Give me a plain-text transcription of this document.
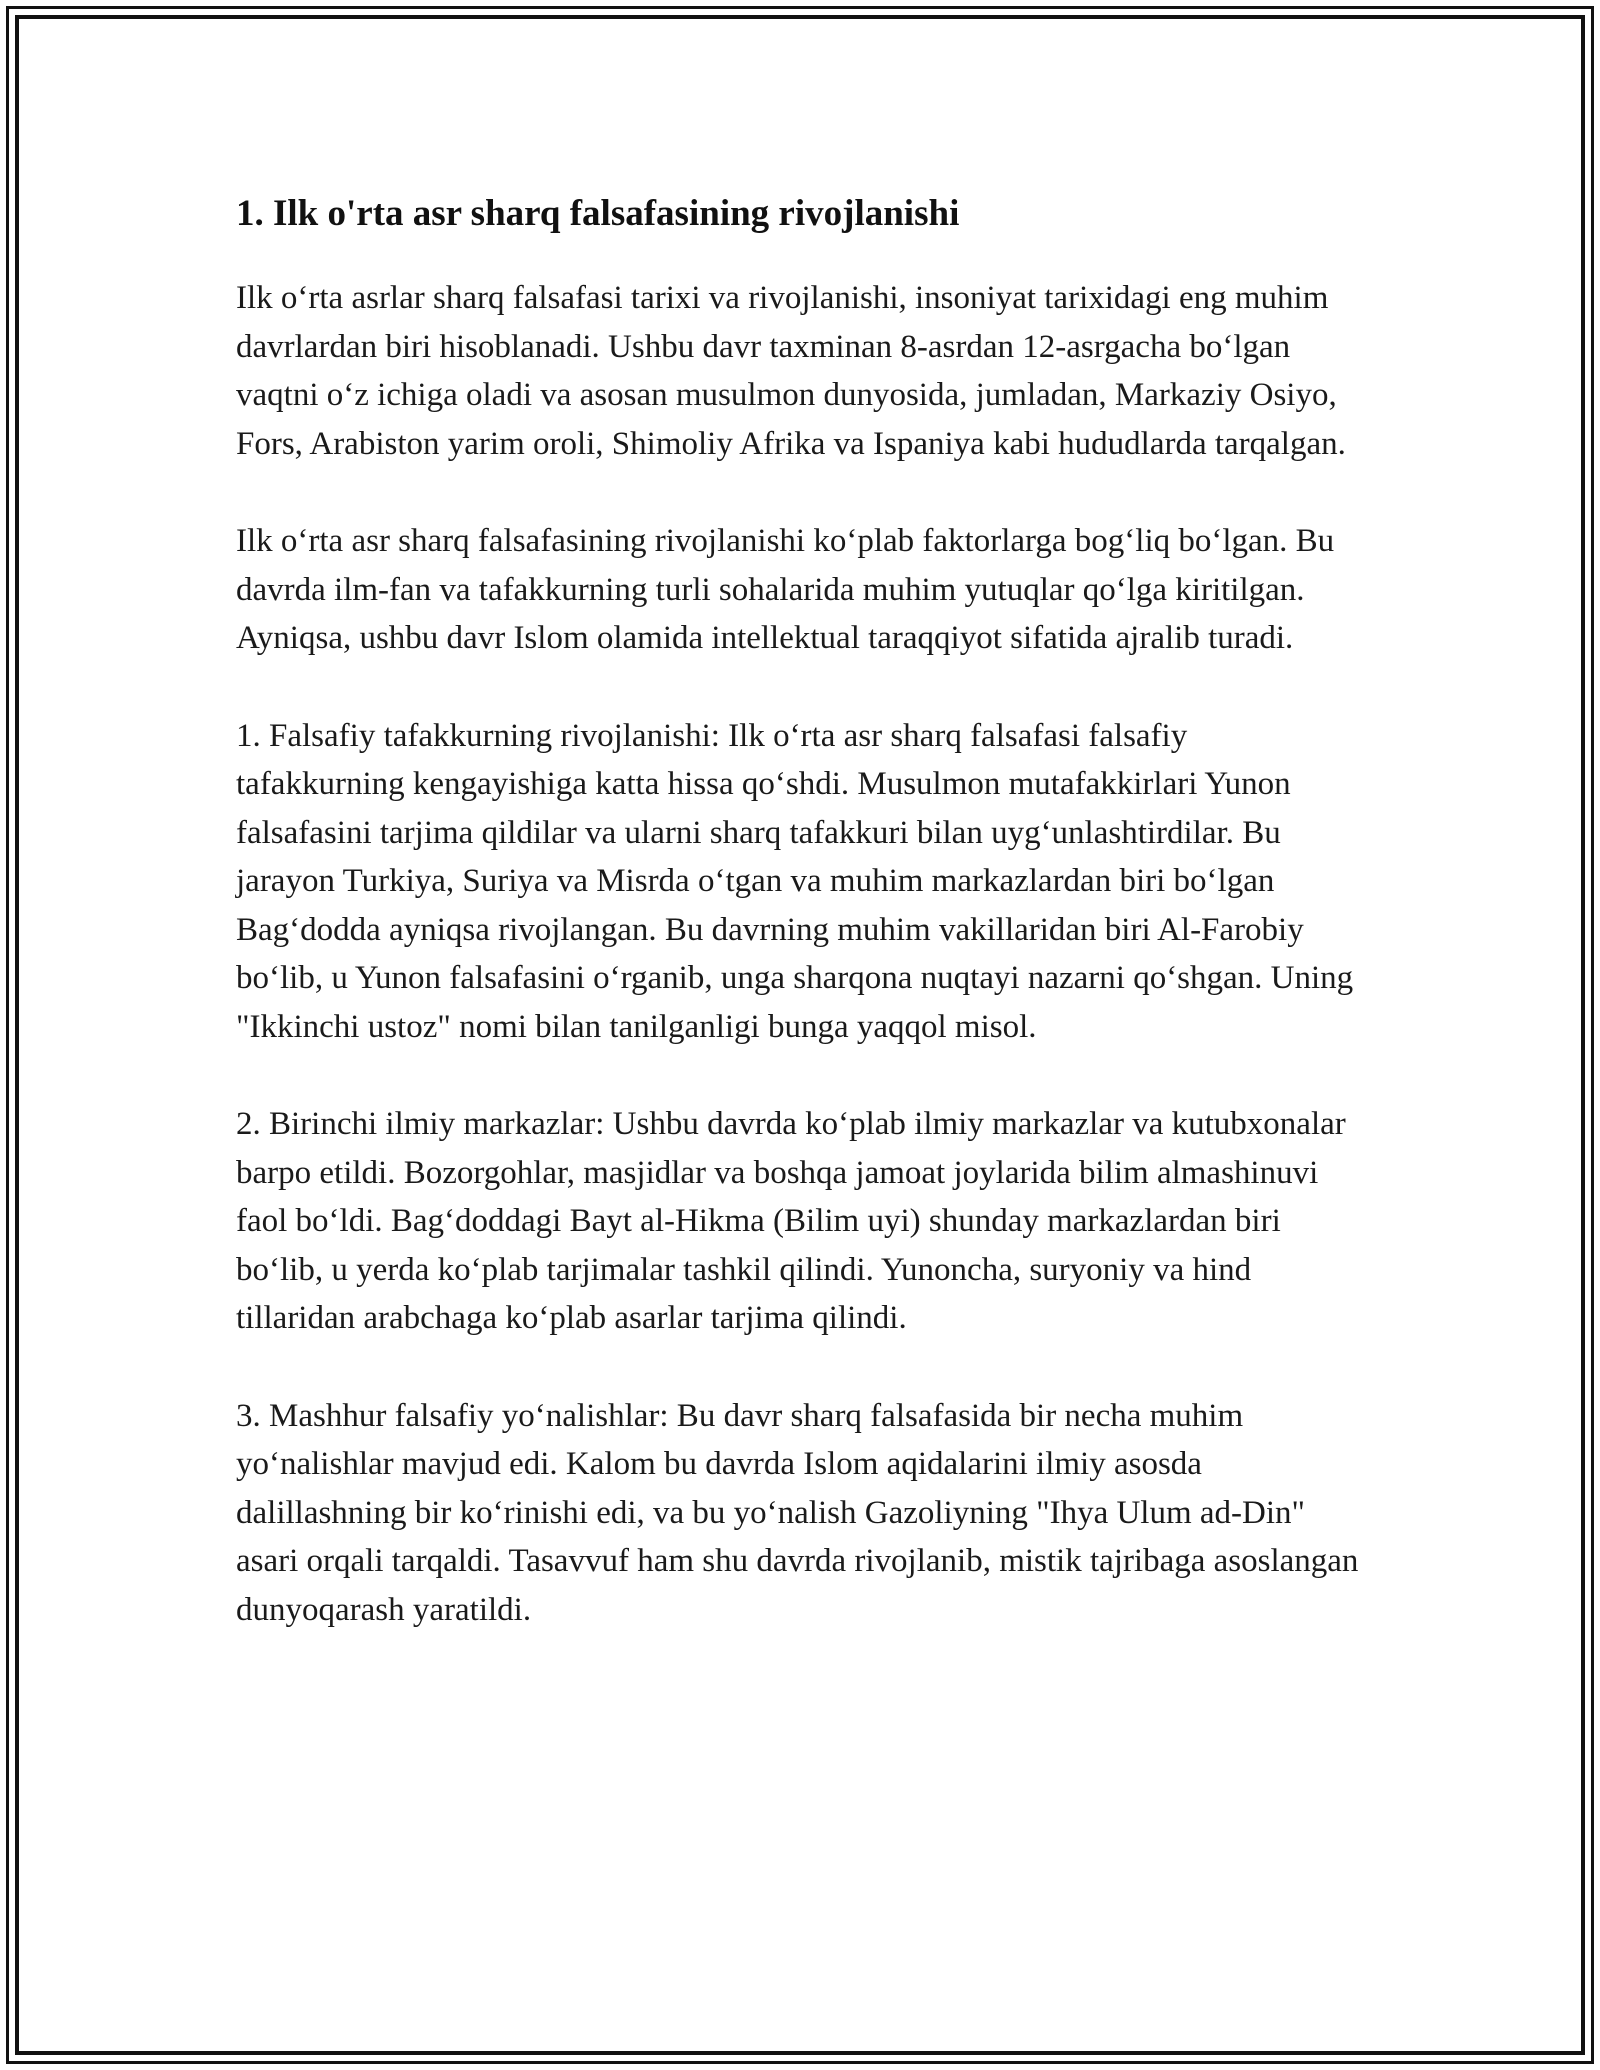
1. Ilk o'rta asr sharq falsafasining rivojlanishi

Ilk o‘rta asrlar sharq falsafasi tarixi va rivojlanishi, insoniyat tarixidagi eng muhim davrlardan biri hisoblanadi. Ushbu davr taxminan 8-asrdan 12-asrgacha bo‘lgan vaqtni o‘z ichiga oladi va asosan musulmon dunyosida, jumladan, Markaziy Osiyo, Fors, Arabiston yarim oroli, Shimoliy Afrika va Ispaniya kabi hududlarda tarqalgan.

Ilk o‘rta asr sharq falsafasining rivojlanishi ko‘plab faktorlarga bog‘liq bo‘lgan. Bu davrda ilm-fan va tafakkurning turli sohalarida muhim yutuqlar qo‘lga kiritilgan. Ayniqsa, ushbu davr Islom olamida intellektual taraqqiyot sifatida ajralib turadi.

1. Falsafiy tafakkurning rivojlanishi: Ilk o‘rta asr sharq falsafasi falsafiy tafakkurning kengayishiga katta hissa qo‘shdi. Musulmon mutafakkirlari Yunon falsafasini tarjima qildilar va ularni sharq tafakkuri bilan uyg‘unlashtirdilar. Bu jarayon Turkiya, Suriya va Misrda o‘tgan va muhim markazlardan biri bo‘lgan Bag‘dodda ayniqsa rivojlangan. Bu davrning muhim vakillaridan biri Al-Farobiy bo‘lib, u Yunon falsafasini o‘rganib, unga sharqona nuqtayi nazarni qo‘shgan. Uning "Ikkinchi ustoz" nomi bilan tanilganligi bunga yaqqol misol.

2. Birinchi ilmiy markazlar: Ushbu davrda ko‘plab ilmiy markazlar va kutubxonalar barpo etildi. Bozorgohlar, masjidlar va boshqa jamoat joylarida bilim almashinuvi faol bo‘ldi. Bag‘doddagi Bayt al-Hikma (Bilim uyi) shunday markazlardan biri bo‘lib, u yerda ko‘plab tarjimalar tashkil qilindi. Yunoncha, suryoniy va hind tillaridan arabchaga ko‘plab asarlar tarjima qilindi.

3. Mashhur falsafiy yo‘nalishlar: Bu davr sharq falsafasida bir necha muhim yo‘nalishlar mavjud edi. Kalom bu davrda Islom aqidalarini ilmiy asosda dalillashning bir ko‘rinishi edi, va bu yo‘nalish Gazoliyning "Ihya Ulum ad-Din" asari orqali tarqaldi. Tasavvuf ham shu davrda rivojlanib, mistik tajribaga asoslangan dunyoqarash yaratildi.
